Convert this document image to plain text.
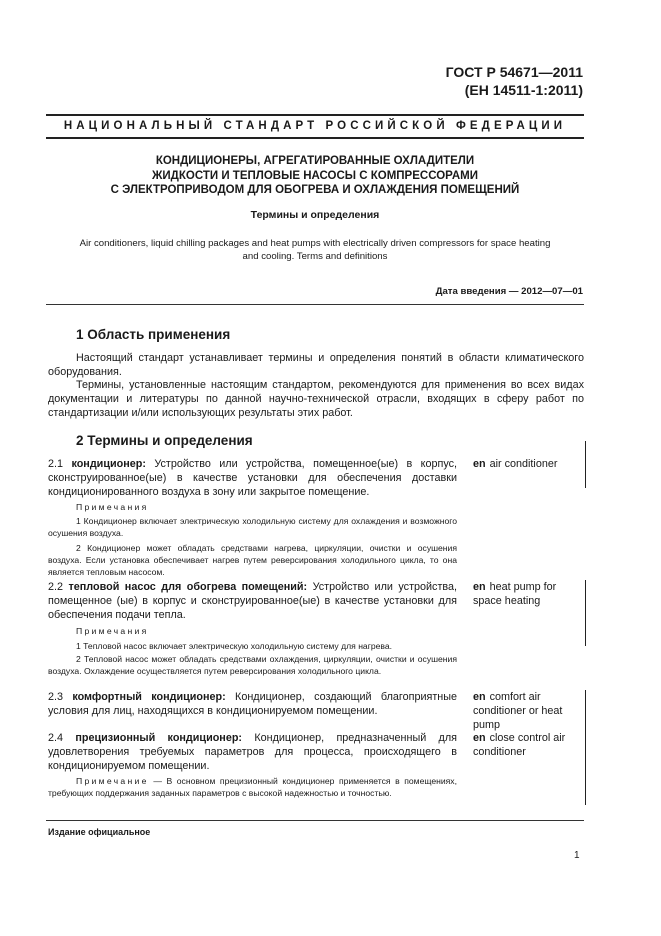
ГОСТ Р 54671—2011
(ЕН 14511-1:2011)
НАЦИОНАЛЬНЫЙ СТАНДАРТ РОССИЙСКОЙ ФЕДЕРАЦИИ
КОНДИЦИОНЕРЫ, АГРЕГАТИРОВАННЫЕ ОХЛАДИТЕЛИ
ЖИДКОСТИ И ТЕПЛОВЫЕ НАСОСЫ С КОМПРЕССОРАМИ
С ЭЛЕКТРОПРИВОДОМ ДЛЯ ОБОГРЕВА И ОХЛАЖДЕНИЯ ПОМЕЩЕНИЙ
Термины и определения
Air conditioners, liquid chilling packages and heat pumps with electrically driven compressors for space heating
and cooling. Terms and definitions
Дата введения — 2012—07—01
1 Область применения
Настоящий стандарт устанавливает термины и определения понятий в области климатического оборудования.
Термины, установленные настоящим стандартом, рекомендуются для применения во всех видах документации и литературы по данной научно-технической отрасли, входящих в сферу работ по стандартизации и/или использующих результаты этих работ.
2 Термины и определения
2.1 кондиционер: Устройство или устройства, помещенное(ые) в корпус, сконструированное(ые) в качестве установки для обеспечения доставки кондиционированного воздуха в зону или закрытое помещение.
en air conditioner
Примечания
1 Кондиционер включает электрическую холодильную систему для охлаждения и возможного осушения воздуха.
2 Кондиционер может обладать средствами нагрева, циркуляции, очистки и осушения воздуха. Если установка обеспечивает нагрев путем реверсирования холодильного цикла, то она является тепловым насосом.
2.2 тепловой насос для обогрева помещений: Устройство или устройства, помещенное (ые) в корпус и сконструированное(ые) в качестве установки для обеспечения подачи тепла.
en heat pump for space heating
Примечания
1 Тепловой насос включает электрическую холодильную систему для нагрева.
2 Тепловой насос может обладать средствами охлаждения, циркуляции, очистки и осушения воздуха. Охлаждение осуществляется путем реверсирования холодильного цикла.
2.3 комфортный кондиционер: Кондиционер, создающий благоприятные условия для лиц, находящихся в кондиционируемом помещении.
en comfort air conditioner or heat pump
2.4 прецизионный кондиционер: Кондиционер, предназначенный для удовлетворения требуемых параметров для процесса, происходящего в кондиционируемом помещении.
en close control air conditioner
Примечание — В основном прецизионный кондиционер применяется в помещениях, требующих поддержания заданных параметров с высокой надежностью и точностью.
Издание официальное
1
